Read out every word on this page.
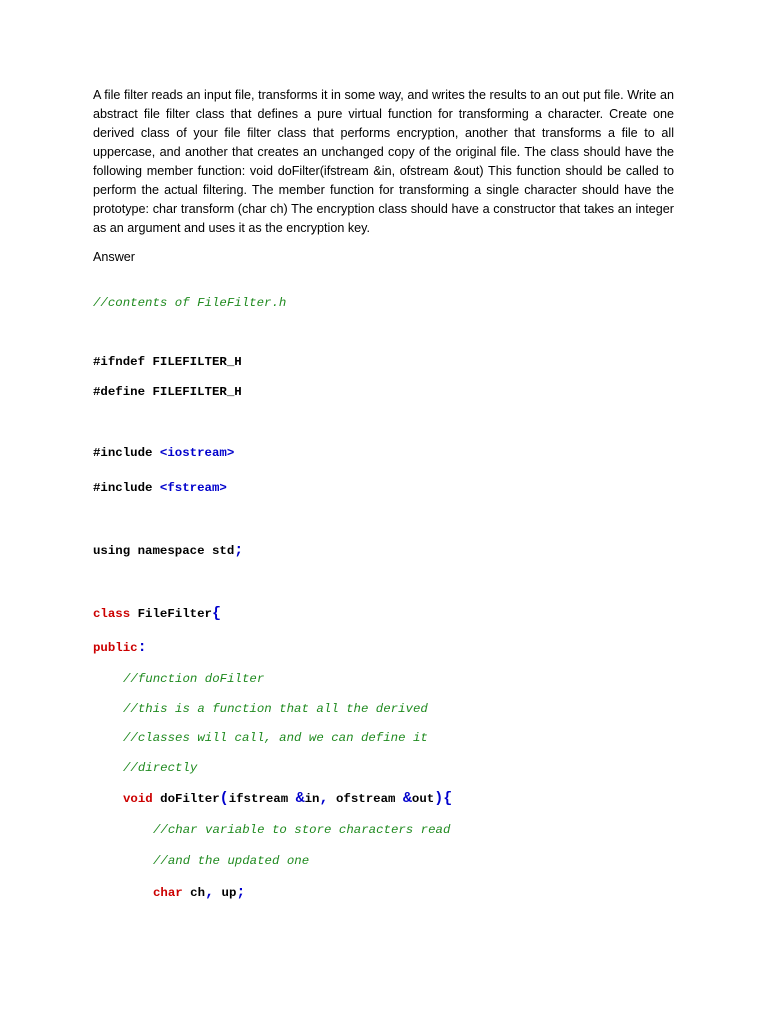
A file filter reads an input file, transforms it in some way, and writes the results to an out put file. Write an abstract file filter class that defines a pure virtual function for transforming a character. Create one derived class of your file filter class that performs encryption, another that transforms a file to all uppercase, and another that creates an unchanged copy of the original file. The class should have the following member function: void doFilter(ifstream &in, ofstream &out) This function should be called to perform the actual filtering. The member function for transforming a single character should have the prototype: char transform (char ch) The encryption class should have a constructor that takes an integer as an argument and uses it as the encryption key.

Answer

//contents of FileFilter.h
#ifndef FILEFILTER_H
#define FILEFILTER_H
#include <iostream>
#include <fstream>
using namespace std;
class FileFilter{
public:
//function doFilter
//this is a function that all the derived
//classes will call, and we can define it
//directly
void doFilter(ifstream &in, ofstream &out){
//char variable to store characters read
//and the updated one
char ch, up;
